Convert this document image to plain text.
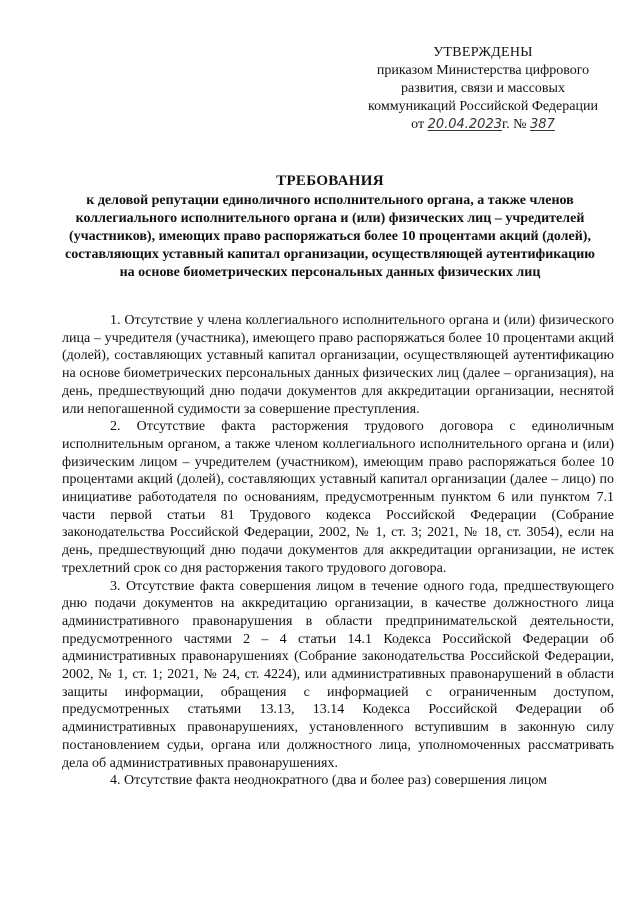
УТВЕРЖДЕНЫ
приказом Министерства цифрового
развития, связи и массовых
коммуникаций Российской Федерации
от 20.04.2023г. № 387
ТРЕБОВАНИЯ
к деловой репутации единоличного исполнительного органа, а также членов коллегиального исполнительного органа и (или) физических лиц – учредителей (участников), имеющих право распоряжаться более 10 процентами акций (долей), составляющих уставный капитал организации, осуществляющей аутентификацию на основе биометрических персональных данных физических лиц

1. Отсутствие у члена коллегиального исполнительного органа и (или) физического лица – учредителя (участника), имеющего право распоряжаться более 10 процентами акций (долей), составляющих уставный капитал организации, осуществляющей аутентификацию на основе биометрических персональных данных физических лиц (далее – организация), на день, предшествующий дню подачи документов для аккредитации организации, неснятой или непогашенной судимости за совершение преступления.

2. Отсутствие факта расторжения трудового договора с единоличным исполнительным органом, а также членом коллегиального исполнительного органа и (или) физическим лицом – учредителем (участником), имеющим право распоряжаться более 10 процентами акций (долей), составляющих уставный капитал организации (далее – лицо) по инициативе работодателя по основаниям, предусмотренным пунктом 6 или пунктом 7.1 части первой статьи 81 Трудового кодекса Российской Федерации (Собрание законодательства Российской Федерации, 2002, № 1, ст. 3; 2021, № 18, ст. 3054), если на день, предшествующий дню подачи документов для аккредитации организации, не истек трехлетний срок со дня расторжения такого трудового договора.

3. Отсутствие факта совершения лицом в течение одного года, предшествующего дню подачи документов на аккредитацию организации, в качестве должностного лица административного правонарушения в области предпринимательской деятельности, предусмотренного частями 2 – 4 статьи 14.1 Кодекса Российской Федерации об административных правонарушениях (Собрание законодательства Российской Федерации, 2002, № 1, ст. 1; 2021, № 24, ст. 4224), или административных правонарушений в области защиты информации, обращения с информацией с ограниченным доступом, предусмотренных статьями 13.13, 13.14 Кодекса Российской Федерации об административных правонарушениях, установленного вступившим в законную силу постановлением судьи, органа или должностного лица, уполномоченных рассматривать дела об административных правонарушениях.

4. Отсутствие факта неоднократного (два и более раз) совершения лицом
